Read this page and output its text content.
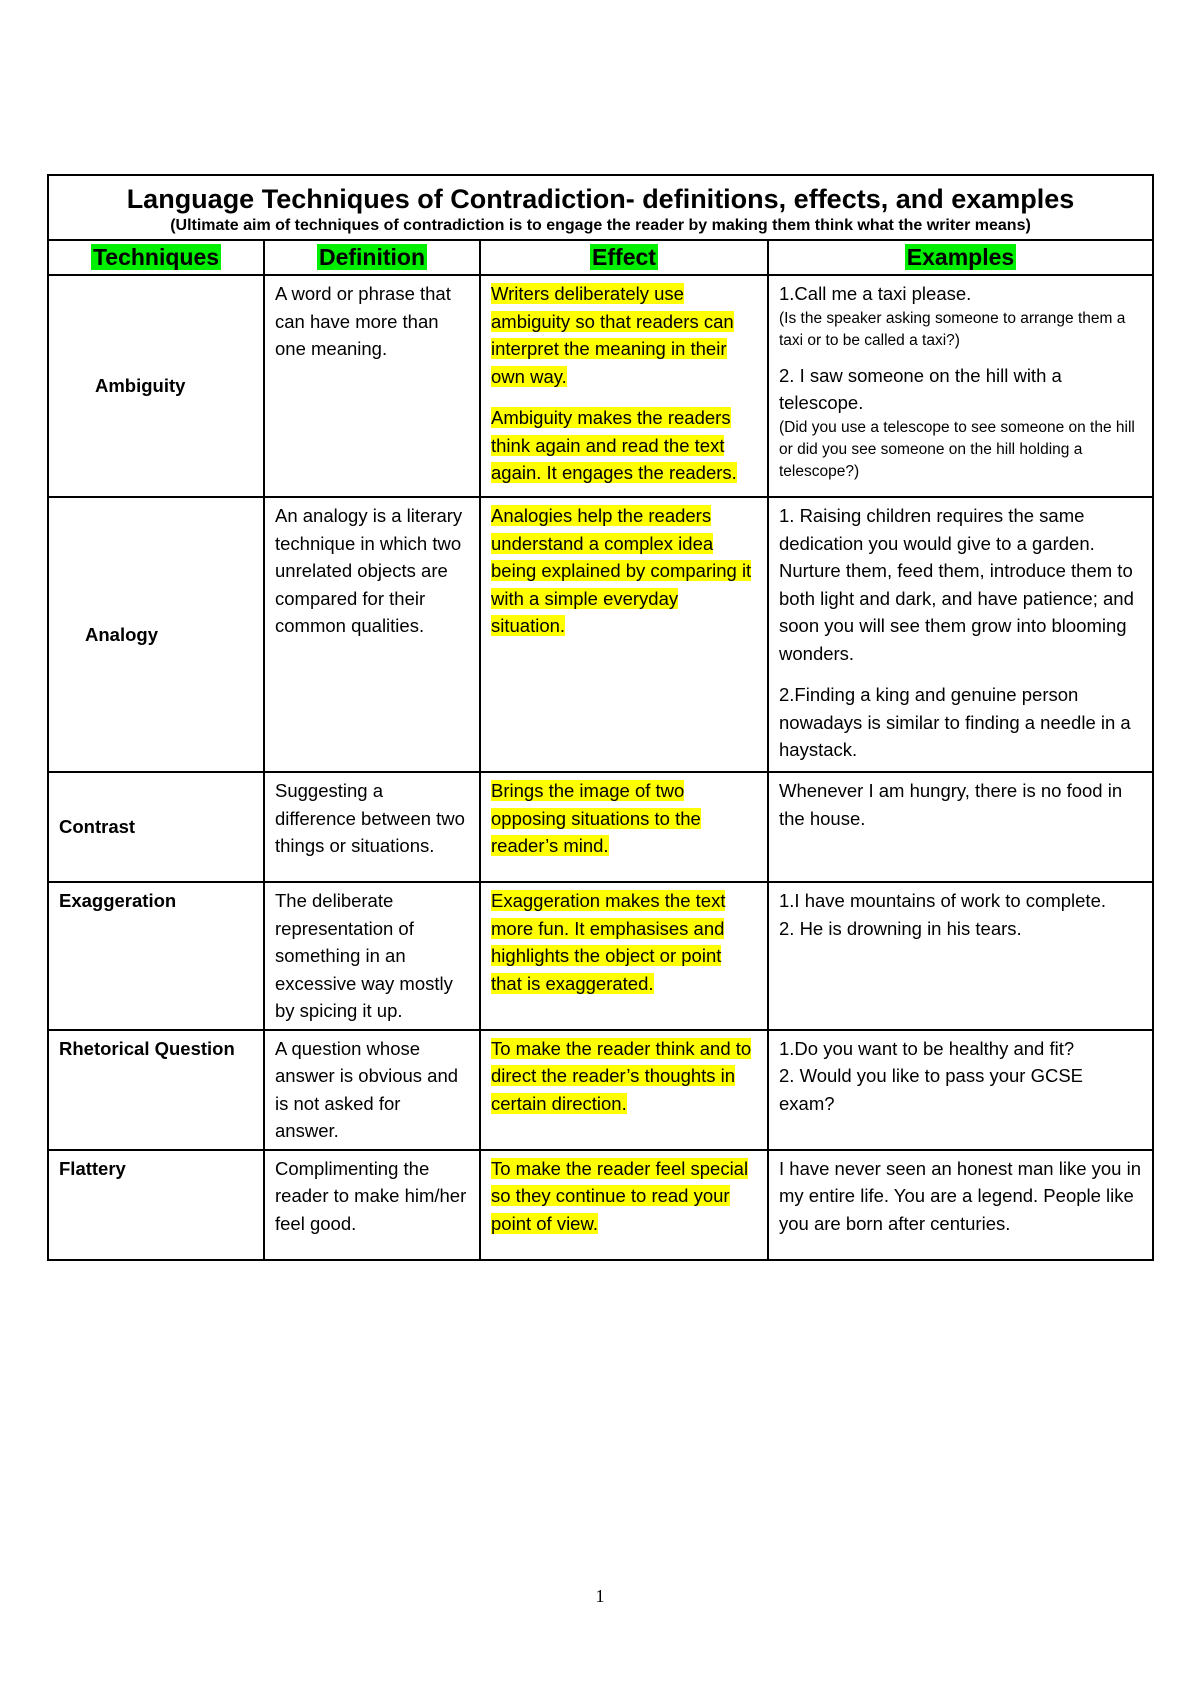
Language Techniques of Contradiction- definitions, effects, and examples
(Ultimate aim of techniques of contradiction is to engage the reader by making them think what the writer means)			

Techniques	Definition	Effect	Examples
Ambiguity	A word or phrase that can have more than one meaning.	Writers deliberately use ambiguity so that readers can interpret the meaning in their own way.
Ambiguity makes the readers think again and read the text again. It engages the readers.	1.Call me a taxi please.
(Is the speaker asking someone to arrange them a taxi or to be called a taxi?)
2. I saw someone on the hill with a telescope.
(Did you use a telescope to see someone on the hill or did you see someone on the hill holding a telescope?)

Analogy	An analogy is a literary technique in which two unrelated objects are compared for their common qualities.	Analogies help the readers understand a complex idea being explained by comparing it with a simple everyday situation.	1. Raising children requires the same dedication you would give to a garden. Nurture them, feed them, introduce them to both light and dark, and have patience; and soon you will see them grow into blooming wonders.
2.Finding a king and genuine person nowadays is similar to finding a needle in a haystack.

Contrast	Suggesting a difference between two things or situations.	Brings the image of two opposing situations to the reader’s mind.	Whenever I am hungry, there is no food in the house.
Exaggeration	The deliberate representation of something in an excessive way mostly by spicing it up.	Exaggeration makes the text more fun. It emphasises and highlights the object or point that is exaggerated.	1.I have mountains of work to complete.
2. He is drowning in his tears.

Rhetorical Question	A question whose answer is obvious and is not asked for answer.	To make the reader think and to direct the reader’s thoughts in certain direction.	1.Do you want to be healthy and fit?
2. Would you like to pass your GCSE exam?

Flattery	Complimenting the reader to make him/her feel good.	To make the reader feel special so they continue to read your point of view.	I have never seen an honest man like you in my entire life. You are a legend. People like you are born after centuries.
1
